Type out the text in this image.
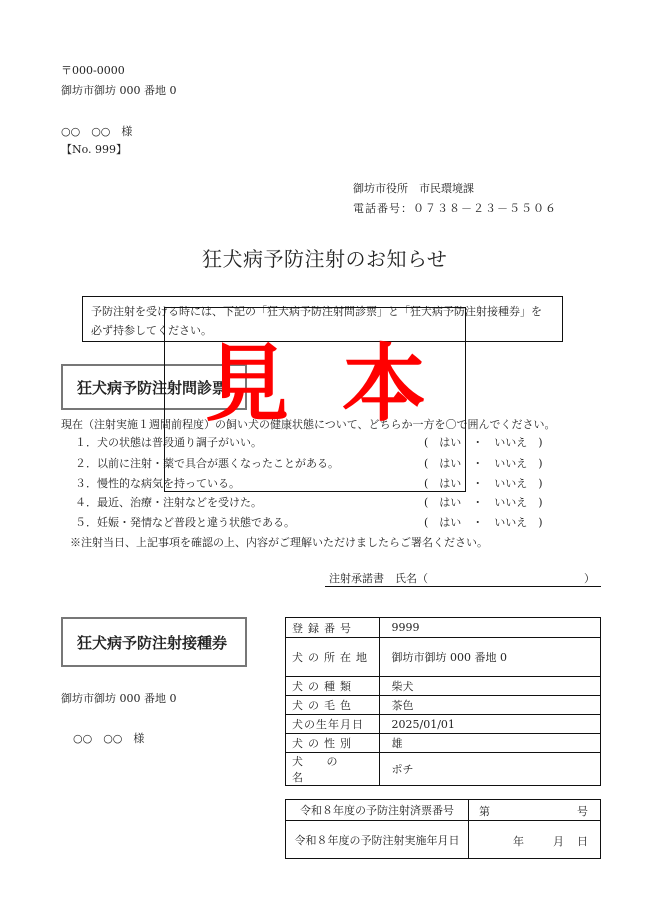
〒000-0000
御坊市御坊 000 番地 0
○○　○○　様
【No. 999】
御坊市役所　市民環境課
電話番号：０７３８－２３－５５０６
狂犬病予防注射のお知らせ
予防注射を受ける時には、下記の「狂犬病予防注射問診票」と「狂犬病予防注射接種券」を
必ず持参してください。
狂犬病予防注射問診票
現在（注射実施１週間前程度）の飼い犬の健康状態について、どちらか一方を〇で囲んでください。
１．犬の状態は普段通り調子がいい。	(　はい　・　いいえ　)
２．以前に注射・薬で具合が悪くなったことがある。	(　はい　・　いいえ　)
３．慢性的な病気を持っている。	(　はい　・　いいえ　)
４．最近、治療・注射などを受けた。	(　はい　・　いいえ　)
５．妊娠・発情など普段と違う状態である。	(　はい　・　いいえ　)
※注射当日、上記事項を確認の上、内容がご理解いただけましたらご署名ください。
注射承諾書　氏名（	）
狂犬病予防注射接種券
御坊市御坊 000 番地 0
○○　○○　様
登録番号	9999
犬の所在地	御坊市御坊 000 番地 0
犬の種類	柴犬
犬の毛色	茶色
犬の生年月日	2025/01/01
犬の性別	雄
犬 の 名	ポチ
令和８年度の予防注射済票番号	第 号

令和８年度の予防注射実施年月日	年 月 日
見 本
